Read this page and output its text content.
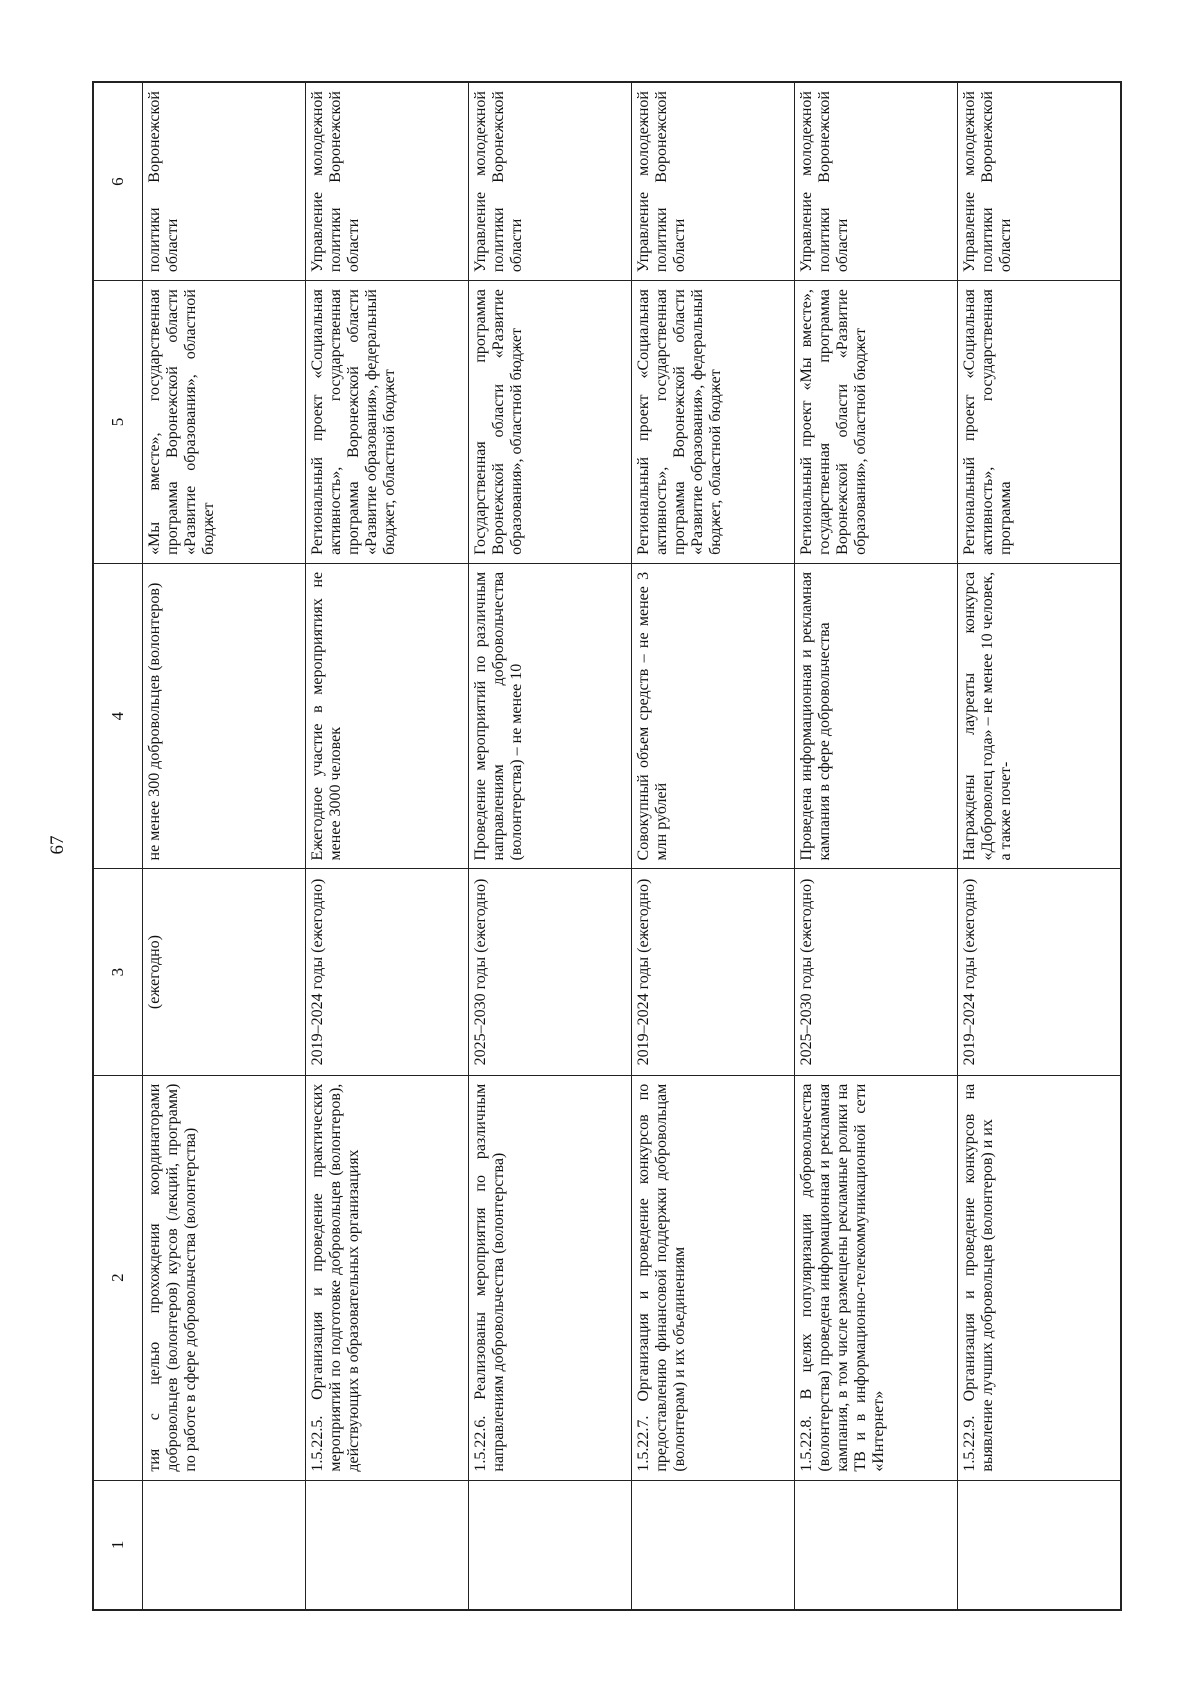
67
1	2	3	4	5	6
	тия с целью прохождения координаторами добровольцев (волонтеров) курсов (лекций, программ) по работе в сфере добровольчества (волонтерства)	(ежегодно)	не менее 300 добровольцев (волонтеров)	«Мы вместе», государственная программа Воронежской области «Развитие образования», областной бюджет	политики Воронежской области
	1.5.22.5. Организация и проведение практических мероприятий по подготовке добровольцев (волонтеров), действующих в образовательных организациях	2019–2024 годы (ежегодно)	Ежегодное участие в мероприятиях не менее 3000 человек	Региональный проект «Социальная активность», государственная программа Воронежской области «Развитие образования», федеральный бюджет, областной бюджет	Управление молодежной политики Воронежской области
	1.5.22.6. Реализованы мероприятия по различным направлениям добровольчества (волонтерства)	2025–2030 годы (ежегодно)	Проведение мероприятий по различным направлениям добровольчества (волонтерства) – не менее 10	Государственная программа Воронежской области «Развитие образования», областной бюджет	Управление молодежной политики Воронежской области
	1.5.22.7. Организация и проведение конкурсов по предоставлению финансовой поддержки добровольцам (волонтерам) и их объединениям	2019–2024 годы (ежегодно)	Совокупный объем средств – не менее 3 млн рублей	Региональный проект «Социальная активность», государственная программа Воронежской области «Развитие образования», федеральный бюджет, областной бюджет	Управление молодежной политики Воронежской области
	1.5.22.8. В целях популяризации добровольчества (волонтерства) проведена информационная и рекламная кампания, в том числе размещены рекламные ролики на ТВ и в информационно-телекоммуникационной сети «Интернет»	2025–2030 годы (ежегодно)	Проведена информационная и рекламная кампания в сфере добровольчества	Региональный проект «Мы вместе», государственная программа Воронежской области «Развитие образования», областной бюджет	Управление молодежной политики Воронежской области
	1.5.22.9. Организация и проведение конкурсов на выявление лучших добровольцев (волонтеров) и их	2019–2024 годы (ежегодно)	Награждены лауреаты конкурса «Доброволец года» – не менее 10 человек, а также почет-	Региональный проект «Социальная активность», государственная программа	Управление молодежной политики Воронежской области
